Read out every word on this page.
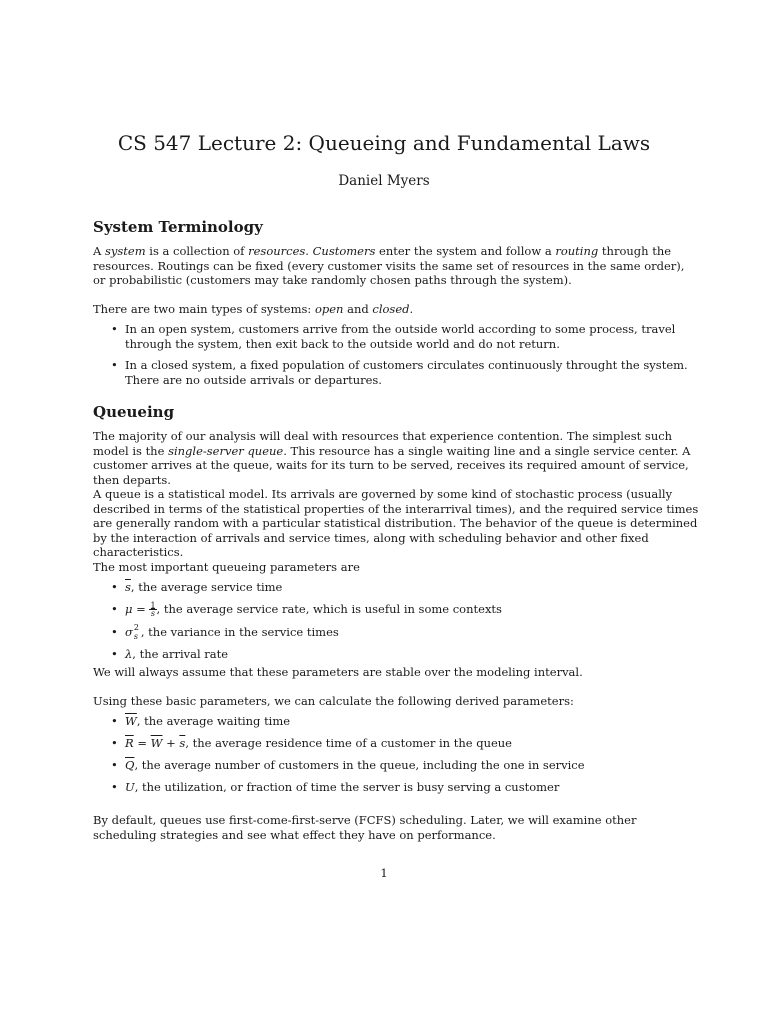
CS 547 Lecture 2: Queueing and Fundamental Laws
Daniel Myers
System Terminology
A system is a collection of resources. Customers enter the system and follow a routing through the resources. Routings can be fixed (every customer visits the same set of resources in the same order), or probabilistic (customers may take randomly chosen paths through the system).
There are two main types of systems: open and closed.
• In an open system, customers arrive from the outside world according to some process, travel through the system, then exit back to the outside world and do not return.
• In a closed system, a fixed population of customers circulates continuously throught the system. There are no outside arrivals or departures.
Queueing
The majority of our analysis will deal with resources that experience contention. The simplest such model is the single-server queue. This resource has a single waiting line and a single service center. A customer arrives at the queue, waits for its turn to be served, receives its required amount of service, then departs.
A queue is a statistical model. Its arrivals are governed by some kind of stochastic process (usually described in terms of the statistical properties of the interarrival times), and the required service times are generally random with a particular statistical distribution. The behavior of the queue is determined by the interaction of arrivals and service times, along with scheduling behavior and other fixed characteristics.
The most important queueing parameters are
• $\overline{s}$, the average service time
• $\mu = \frac{1}{s}$ , the average service rate, which is useful in some contexts
• σ 2
s , the variance in the service times
• λ, the arrival rate
We will always assume that these parameters are stable over the modeling interval.
Using these basic parameters, we can calculate the following derived parameters:
• $\overline{W}$, the average waiting time
• $\overline{R} = \overline{W} + \overline{s}$, the average residence time of a customer in the queue
• $\overline{Q}$, the average number of customers in the queue, including the one in service
• U, the utilization, or fraction of time the server is busy serving a customer
By default, queues use first-come-first-serve (FCFS) scheduling. Later, we will examine other scheduling strategies and see what effect they have on performance.
1
